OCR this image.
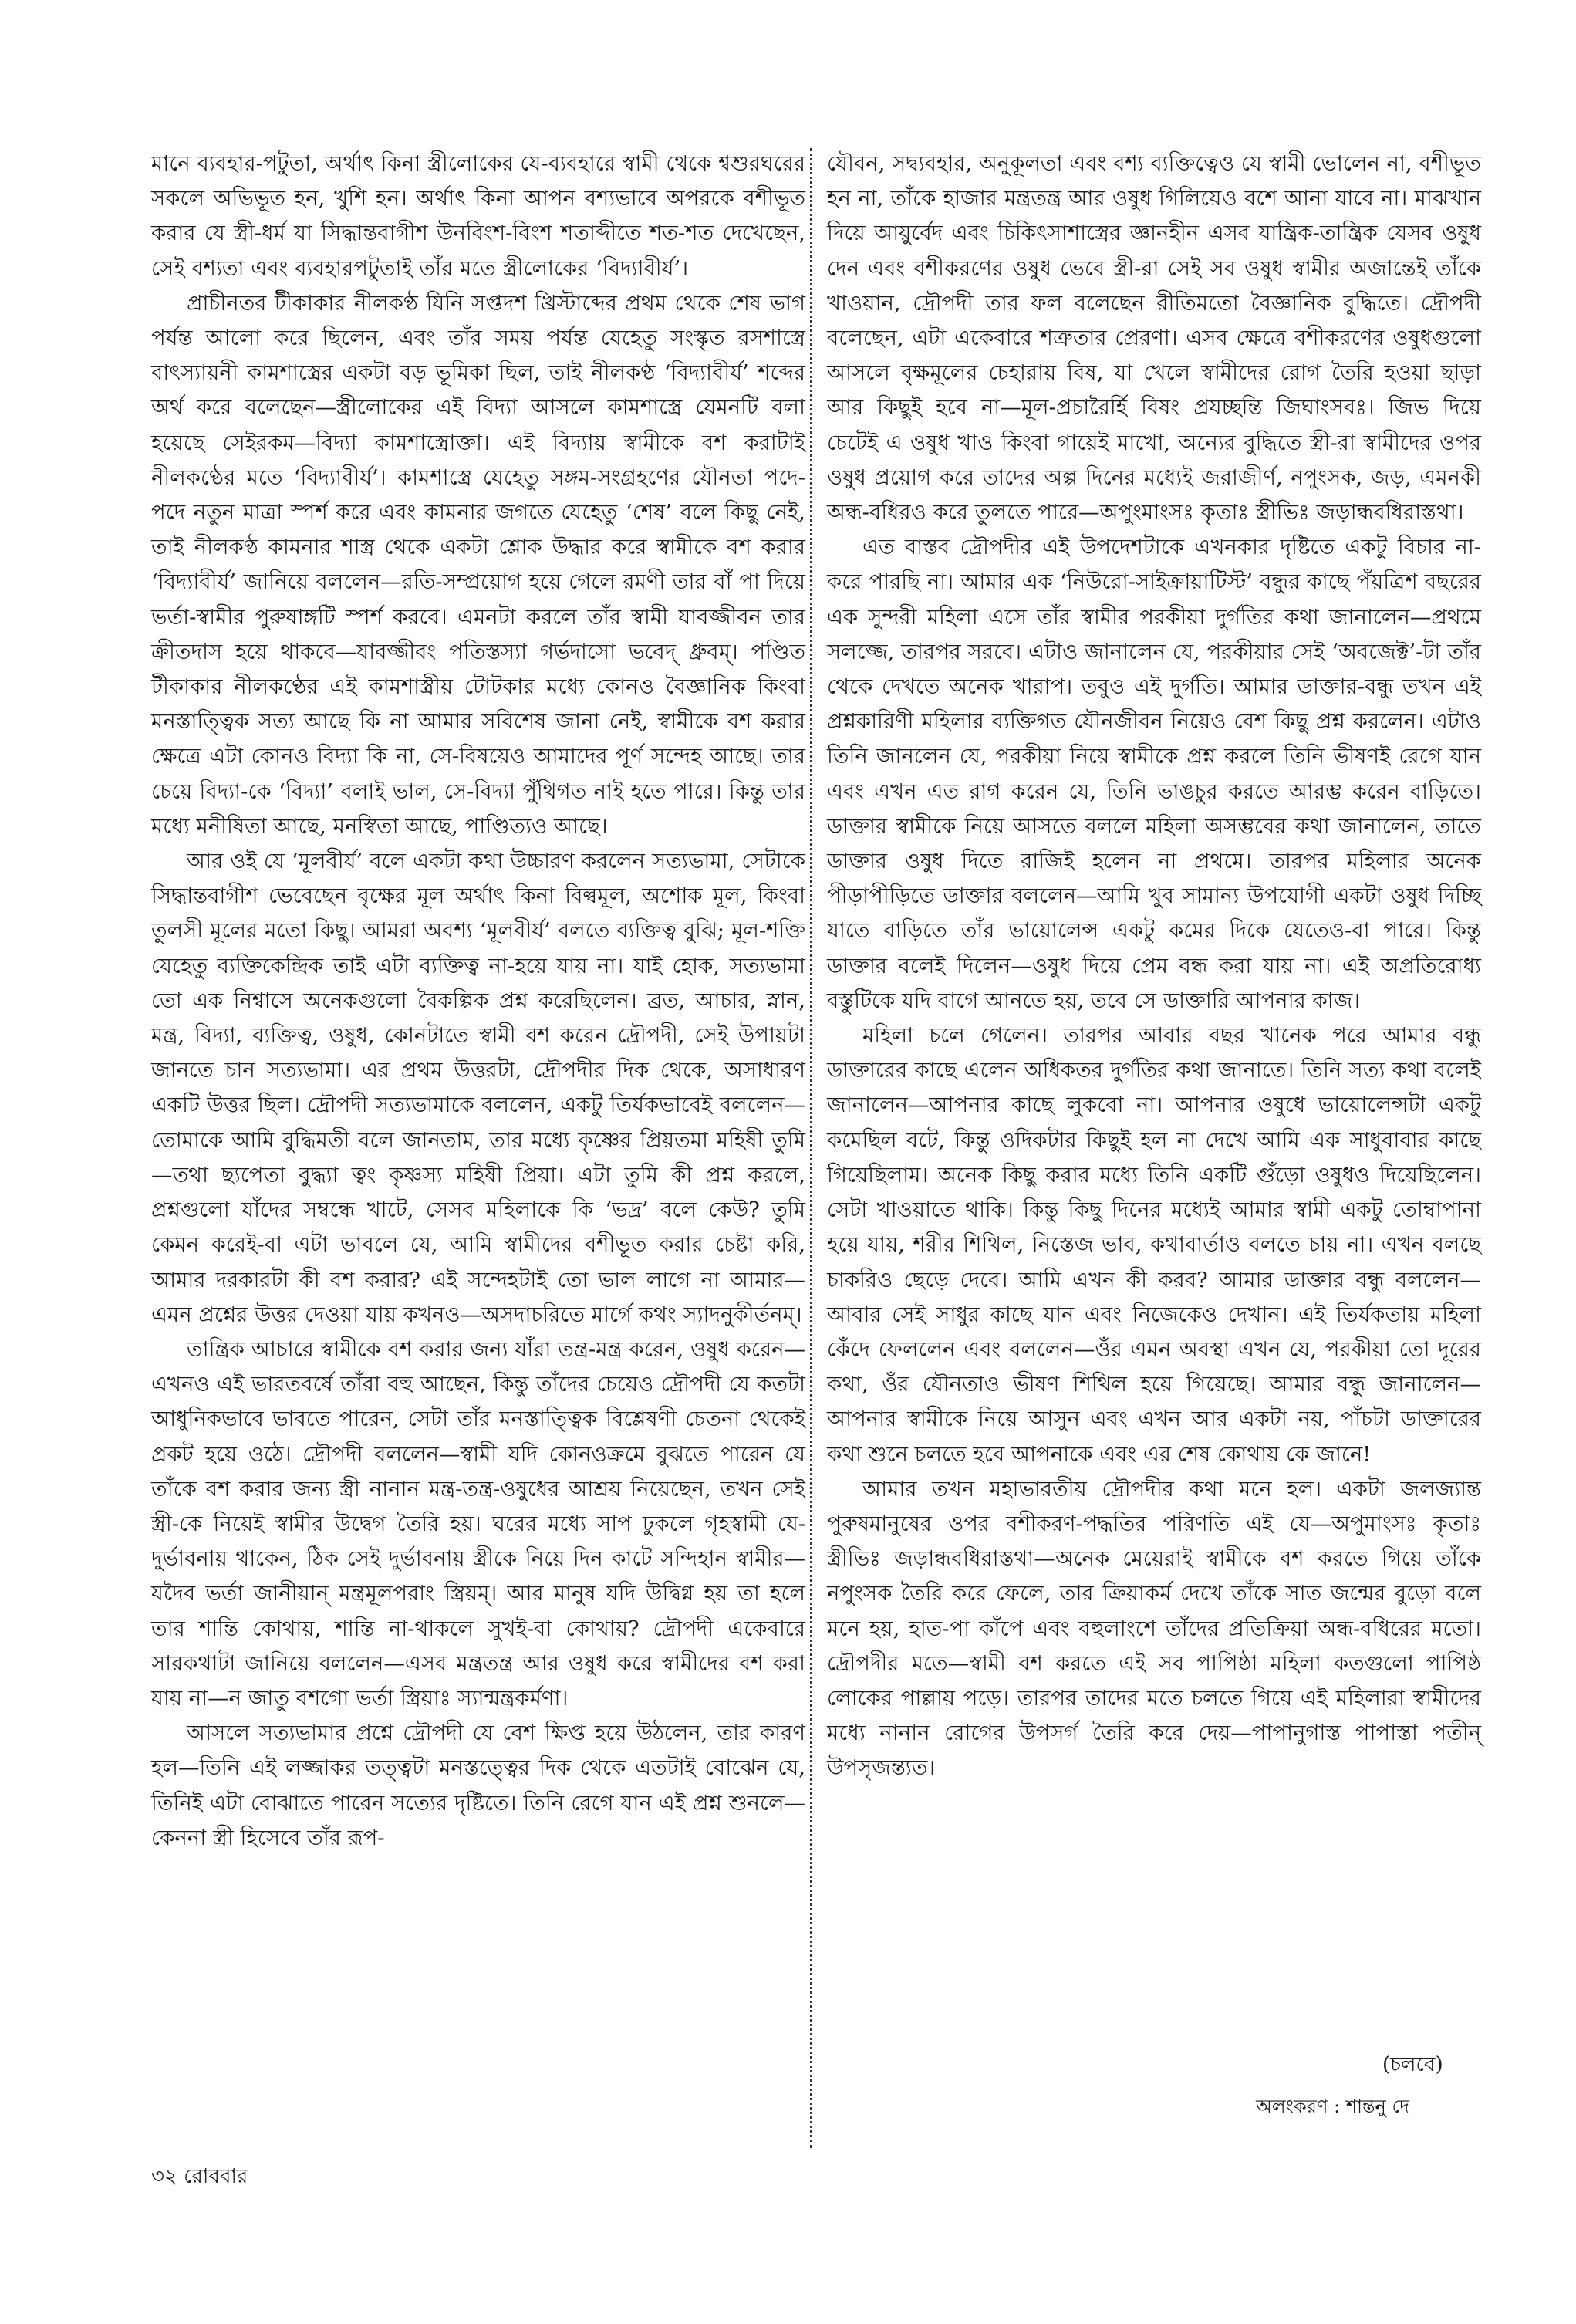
মানে ব্যবহার-পটুতা, অর্থাৎ কিনা স্ত্রীলোকের যে-ব্যবহারে স্বামী থেকে শ্বশুরঘরের সকলে অভিভূত হন, খুশি হন। অর্থাৎ কিনা আপন বশ্যভাবে অপরকে বশীভূত করার যে স্ত্রী-ধর্ম যা সিদ্ধান্তবাগীশ উনবিংশ-বিংশ শতাব্দীতে শত-শত দেখেছেন, সেই বশ্যতা এবং ব্যবহারপটুতাই তাঁর মতে স্ত্রীলোকের ‘বিদ্যাবীর্য’।

প্রাচীনতর টীকাকার নীলকণ্ঠ যিনি সপ্তদশ খ্রিস্টাব্দের প্রথম থেকে শেষ ভাগ পর্যন্ত আলো করে ছিলেন, এবং তাঁর সময় পর্যন্ত যেহেতু সংস্কৃত রসশাস্ত্রে বাৎস্যায়নী কামশাস্ত্রের একটা বড় ভূমিকা ছিল, তাই নীলকণ্ঠ ‘বিদ্যাবীর্য’ শব্দের অর্থ করে বলেছেন—স্ত্রীলোকের এই বিদ্যা আসলে কামশাস্ত্রে যেমনটি বলা হয়েছে সেইরকম—বিদ্যা কামশাস্ত্রোক্তা। এই বিদ্যায় স্বামীকে বশ করাটাই নীলকণ্ঠের মতে ‘বিদ্যাবীর্য’। কামশাস্ত্রে যেহেতু সঙ্গম-সংগ্রহণের যৌনতা পদে-পদে নতুন মাত্রা স্পর্শ করে এবং কামনার জগতে যেহেতু ‘শেষ’ বলে কিছু নেই, তাই নীলকণ্ঠ কামনার শাস্ত্র থেকে একটা শ্লোক উদ্ধার করে স্বামীকে বশ করার ‘বিদ্যাবীর্য’ জানিয়ে বললেন—রতি-সম্প্রয়োগ হয়ে গেলে রমণী তার বাঁ পা দিয়ে ভর্তা-স্বামীর পুরুষাঙ্গটি স্পর্শ করবে। এমনটা করলে তাঁর স্বামী যাবজ্জীবন তার ক্রীতদাস হয়ে থাকবে—যাবজ্জীবং পতিস্তস্যা গর্ভদাসো ভবেদ্ ধ্রুবম্। পণ্ডিত টীকাকার নীলকণ্ঠের এই কামশাস্ত্রীয় টোটকার মধ্যে কোনও বৈজ্ঞানিক কিংবা মনস্তাত্ত্বিক সত্য আছে কি না আমার সবিশেষ জানা নেই, স্বামীকে বশ করার ক্ষেত্রে এটা কোনও বিদ্যা কি না, সে-বিষয়েও আমাদের পূর্ণ সন্দেহ আছে। তার চেয়ে বিদ্যা-কে ‘বিদ্যা’ বলাই ভাল, সে-বিদ্যা পুঁথিগত নাই হতে পারে। কিন্তু তার মধ্যে মনীষিতা আছে, মনস্বিতা আছে, পাণ্ডিত্যও আছে।

আর ওই যে ‘মূলবীর্য’ বলে একটা কথা উচ্চারণ করলেন সত্যভামা, সেটাকে সিদ্ধান্তবাগীশ ভেবেছেন বৃক্ষের মূল অর্থাৎ কিনা বিল্বমূল, অশোক মূল, কিংবা তুলসী মূলের মতো কিছু। আমরা অবশ্য ‘মূলবীর্য’ বলতে ব্যক্তিত্ব বুঝি; মূল-শক্তি যেহেতু ব্যক্তিকেন্দ্রিক তাই এটা ব্যক্তিত্ব না-হয়ে যায় না। যাই হোক, সত্যভামা তো এক নিশ্বাসে অনেকগুলো বৈকল্পিক প্রশ্ন করেছিলেন। ব্রত, আচার, স্নান, মন্ত্র, বিদ্যা, ব্যক্তিত্ব, ওষুধ, কোনটাতে স্বামী বশ করেন দ্রৌপদী, সেই উপায়টা জানতে চান সত্যভামা। এর প্রথম উত্তরটা, দ্রৌপদীর দিক থেকে, অসাধারণ একটি উত্তর ছিল। দ্রৌপদী সত্যভামাকে বললেন, একটু তির্যকভাবেই বললেন—তোমাকে আমি বুদ্ধিমতী বলে জানতাম, তার মধ্যে কৃষ্ণের প্রিয়তমা মহিষী তুমি—তথা ছ্যপেতা বুদ্ধ্যা ত্বং কৃষ্ণস্য মহিষী প্রিয়া। এটা তুমি কী প্রশ্ন করলে, প্রশ্নগুলো যাঁদের সম্বন্ধে খাটে, সেসব মহিলাকে কি ‘ভদ্র’ বলে কেউ? তুমি কেমন করেই-বা এটা ভাবলে যে, আমি স্বামীদের বশীভূত করার চেষ্টা করি, আমার দরকারটা কী বশ করার? এই সন্দেহটাই তো ভাল লাগে না আমার—এমন প্রশ্নের উত্তর দেওয়া যায় কখনও—অসদাচরিতে মার্গে কথং স্যাদনুকীর্তনম্।

তান্ত্রিক আচারে স্বামীকে বশ করার জন্য যাঁরা তন্ত্র-মন্ত্র করেন, ওষুধ করেন—এখনও এই ভারতবর্ষে তাঁরা বহু আছেন, কিন্তু তাঁদের চেয়েও দ্রৌপদী যে কতটা আধুনিকভাবে ভাবতে পারেন, সেটা তাঁর মনস্তাত্ত্বিক বিশ্লেষণী চেতনা থেকেই প্রকট হয়ে ওঠে। দ্রৌপদী বললেন—স্বামী যদি কোনওক্রমে বুঝতে পারেন যে তাঁকে বশ করার জন্য স্ত্রী নানান মন্ত্র-তন্ত্র-ওষুধের আশ্রয় নিয়েছেন, তখন সেই স্ত্রী-কে নিয়েই স্বামীর উদ্বেগ তৈরি হয়। ঘরের মধ্যে সাপ ঢুকলে গৃহস্বামী যে-দুর্ভাবনায় থাকেন, ঠিক সেই দুর্ভাবনায় স্ত্রীকে নিয়ে দিন কাটে সন্দিহান স্বামীর—যদৈব ভর্তা জানীয়ান্ মন্ত্রমূলপরাং স্ত্রিয়ম্। আর মানুষ যদি উদ্বিগ্ন হয় তা হলে তার শান্তি কোথায়, শান্তি না-থাকলে সুখই-বা কোথায়? দ্রৌপদী একেবারে সারকথাটা জানিয়ে বললেন—এসব মন্ত্রতন্ত্র আর ওষুধ করে স্বামীদের বশ করা যায় না—ন জাতু বশগো ভর্তা স্ত্রিয়াঃ স্যান্মন্ত্রকর্মণা।

আসলে সত্যভামার প্রশ্নে দ্রৌপদী যে বেশ ক্ষিপ্ত হয়ে উঠলেন, তার কারণ হল—তিনি এই লজ্জাকর তত্ত্বটা মনস্তত্ত্বের দিক থেকে এতটাই বোঝেন যে, তিনিই এটা বোঝাতে পারেন সত্যের দৃষ্টিতে। তিনি রেগে যান এই প্রশ্ন শুনলে—কেননা স্ত্রী হিসেবে তাঁর রূপ-

যৌবন, সদ্ব্যবহার, অনুকূলতা এবং বশ্য ব্যক্তিত্বেও যে স্বামী ভোলেন না, বশীভূত হন না, তাঁকে হাজার মন্ত্রতন্ত্র আর ওষুধ গিলিয়েও বশে আনা যাবে না। মাঝখান দিয়ে আয়ুর্বেদ এবং চিকিৎসাশাস্ত্রের জ্ঞানহীন এসব যান্ত্রিক-তান্ত্রিক যেসব ওষুধ দেন এবং বশীকরণের ওষুধ ভেবে স্ত্রী-রা সেই সব ওষুধ স্বামীর অজান্তেই তাঁকে খাওয়ান, দ্রৌপদী তার ফল বলেছেন রীতিমতো বৈজ্ঞানিক বুদ্ধিতে। দ্রৌপদী বলেছেন, এটা একেবারে শত্রুতার প্রেরণা। এসব ক্ষেত্রে বশীকরণের ওষুধগুলো আসলে বৃক্ষমূলের চেহারায় বিষ, যা খেলে স্বামীদের রোগ তৈরি হওয়া ছাড়া আর কিছুই হবে না—মূল-প্রচারৈর্হি বিষং প্রযচ্ছন্তি জিঘাংসবঃ। জিভ দিয়ে চেটেই এ ওষুধ খাও কিংবা গায়েই মাখো, অন্যের বুদ্ধিতে স্ত্রী-রা স্বামীদের ওপর ওষুধ প্রয়োগ করে তাদের অল্প দিনের মধ্যেই জরাজীর্ণ, নপুংসক, জড়, এমনকী অন্ধ-বধিরও করে তুলতে পারে—অপুংমাংসঃ কৃতাঃ স্ত্রীভিঃ জড়ান্ধবধিরাস্তথা।

এত বাস্তব দ্রৌপদীর এই উপদেশটাকে এখনকার দৃষ্টিতে একটু বিচার না-করে পারছি না। আমার এক ‘নিউরো-সাইক্রায়াটিস্ট’ বন্ধুর কাছে পঁয়ত্রিশ বছরের এক সুন্দরী মহিলা এসে তাঁর স্বামীর পরকীয়া দুর্গতির কথা জানালেন—প্রথমে সলজ্জে, তারপর সরবে। এটাও জানালেন যে, পরকীয়ার সেই ‘অবজেক্ট’-টা তাঁর থেকে দেখতে অনেক খারাপ। তবুও এই দুর্গতি। আমার ডাক্তার-বন্ধু তখন এই প্রশ্নকারিণী মহিলার ব্যক্তিগত যৌনজীবন নিয়েও বেশ কিছু প্রশ্ন করলেন। এটাও তিনি জানলেন যে, পরকীয়া নিয়ে স্বামীকে প্রশ্ন করলে তিনি ভীষণই রেগে যান এবং এখন এত রাগ করেন যে, তিনি ভাঙচুর করতে আরম্ভ করেন বাড়িতে। ডাক্তার স্বামীকে নিয়ে আসতে বললে মহিলা অসম্ভবের কথা জানালেন, তাতে ডাক্তার ওষুধ দিতে রাজিই হলেন না প্রথমে। তারপর মহিলার অনেক পীড়াপীড়িতে ডাক্তার বললেন—আমি খুব সামান্য উপযোগী একটা ওষুধ দিচ্ছি যাতে বাড়িতে তাঁর ভায়োলেন্স একটু কমের দিকে যেতেও-বা পারে। কিন্তু ডাক্তার বলেই দিলেন—ওষুধ দিয়ে প্রেম বন্ধ করা যায় না। এই অপ্রতিরোধ্য বস্তুটিকে যদি বাগে আনতে হয়, তবে সে ডাক্তারি আপনার কাজ।

মহিলা চলে গেলেন। তারপর আবার বছর খানেক পরে আমার বন্ধু ডাক্তারের কাছে এলেন অধিকতর দুর্গতির কথা জানাতে। তিনি সত্য কথা বলেই জানালেন—আপনার কাছে লুকবো না। আপনার ওষুধে ভায়োলেন্সটা একটু কমেছিল বটে, কিন্তু ওদিকটার কিছুই হল না দেখে আমি এক সাধুবাবার কাছে গিয়েছিলাম। অনেক কিছু করার মধ্যে তিনি একটি গুঁড়ো ওষুধও দিয়েছিলেন। সেটা খাওয়াতে থাকি। কিন্তু কিছু দিনের মধ্যেই আমার স্বামী একটু তোম্বাপানা হয়ে যায়, শরীর শিথিল, নিস্তেজ ভাব, কথাবার্তাও বলতে চায় না। এখন বলছে চাকরিও ছেড়ে দেবে। আমি এখন কী করব? আমার ডাক্তার বন্ধু বললেন—আবার সেই সাধুর কাছে যান এবং নিজেকেও দেখান। এই তির্যকতায় মহিলা কেঁদে ফেললেন এবং বললেন—ওঁর এমন অবস্থা এখন যে, পরকীয়া তো দূরের কথা, ওঁর যৌনতাও ভীষণ শিথিল হয়ে গিয়েছে। আমার বন্ধু জানালেন—আপনার স্বামীকে নিয়ে আসুন এবং এখন আর একটা নয়, পাঁচটা ডাক্তারের কথা শুনে চলতে হবে আপনাকে এবং এর শেষ কোথায় কে জানে!

আমার তখন মহাভারতীয় দ্রৌপদীর কথা মনে হল। একটা জলজ্যান্ত পুরুষমানুষের ওপর বশীকরণ-পদ্ধতির পরিণতি এই যে—অপুমাংসঃ কৃতাঃ স্ত্রীভিঃ জড়ান্ধবধিরাস্তথা—অনেক মেয়েরাই স্বামীকে বশ করতে গিয়ে তাঁকে নপুংসক তৈরি করে ফেলে, তার ক্রিয়াকর্ম দেখে তাঁকে সাত জন্মের বুড়ো বলে মনে হয়, হাত-পা কাঁপে এবং বহুলাংশে তাঁদের প্রতিক্রিয়া অন্ধ-বধিরের মতো। দ্রৌপদীর মতে—স্বামী বশ করতে এই সব পাপিষ্ঠা মহিলা কতগুলো পাপিষ্ঠ লোকের পাল্লায় পড়ে। তারপর তাদের মতে চলতে গিয়ে এই মহিলারা স্বামীদের মধ্যে নানান রোগের উপসর্গ তৈরি করে দেয়—পাপানুগাস্ত পাপাস্তা পতীন্ উপসৃজন্ত্যত।

(চলবে)
অলংকরণ : শান্তনু দে
৩২ রোববার
